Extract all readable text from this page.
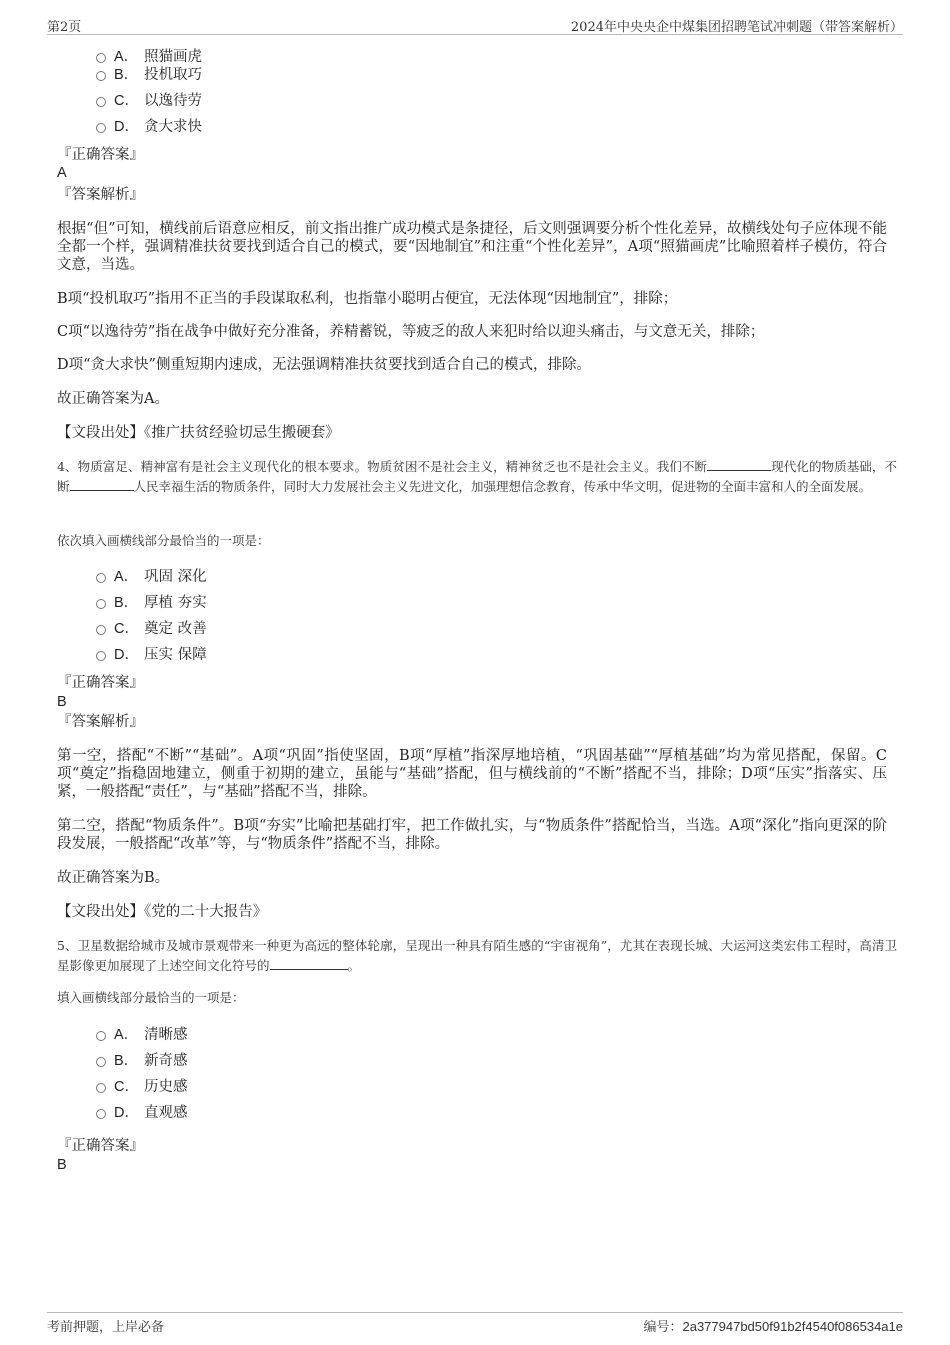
第2页	2024年中央央企中煤集团招聘笔试冲刺题（带答案解析）
A． 照猫画虎
B． 投机取巧
C． 以逸待劳
D． 贪大求快
『正确答案』
A
『答案解析』
根据“但”可知，横线前后语意应相反，前文指出推广成功模式是条捷径，后文则强调要分析个性化差异，故横线处句子应体现不能全都一个样，强调精准扶贫要找到适合自己的模式，要“因地制宜”和注重“个性化差异”，A项“照猫画虎”比喻照着样子模仿，符合文意，当选。
B项“投机取巧”指用不正当的手段谋取私利，也指靠小聪明占便宜，无法体现“因地制宜”，排除；
C项“以逸待劳”指在战争中做好充分准备，养精蓄锐，等疲乏的敌人来犯时给以迎头痛击，与文意无关，排除；
D项“贪大求快”侧重短期内速成，无法强调精准扶贫要找到适合自己的模式，排除。
故正确答案为A。
【文段出处】《推广扶贫经验切忌生搬硬套》
4、物质富足、精神富有是社会主义现代化的根本要求。物质贫困不是社会主义，精神贫乏也不是社会主义。我们不断	现代化的物质基础，不断	人民幸福生活的物质条件，同时大力发展社会主义先进文化，加强理想信念教育，传承中华文明，促进物的全面丰富和人的全面发展。
依次填入画横线部分最恰当的一项是：
A． 巩固 深化
B． 厚植 夯实
C． 奠定 改善
D． 压实 保障
『正确答案』
B
『答案解析』
第一空，搭配“不断”“基础”。A项“巩固”指使坚固，B项“厚植”指深厚地培植，“巩固基础”“厚植基础”均为常见搭配，保留。C项“奠定”指稳固地建立，侧重于初期的建立，虽能与“基础”搭配，但与横线前的“不断”搭配不当，排除；D项“压实”指落实、压紧，一般搭配“责任”，与“基础”搭配不当，排除。
第二空，搭配“物质条件”。B项“夯实”比喻把基础打牢，把工作做扎实，与“物质条件”搭配恰当，当选。A项“深化”指向更深的阶段发展，一般搭配“改革”等，与“物质条件”搭配不当，排除。
故正确答案为B。
【文段出处】《党的二十大报告》
5、卫星数据给城市及城市景观带来一种更为高远的整体轮廓，呈现出一种具有陌生感的“宇宙视角”，尤其在表现长城、大运河这类宏伟工程时，高清卫星影像更加展现了上述空间文化符号的	。
填入画横线部分最恰当的一项是：
A． 清晰感
B． 新奇感
C． 历史感
D． 直观感
『正确答案』
B
考前押题，上岸必备	编号：2a377947bd50f91b2f4540f086534a1e
